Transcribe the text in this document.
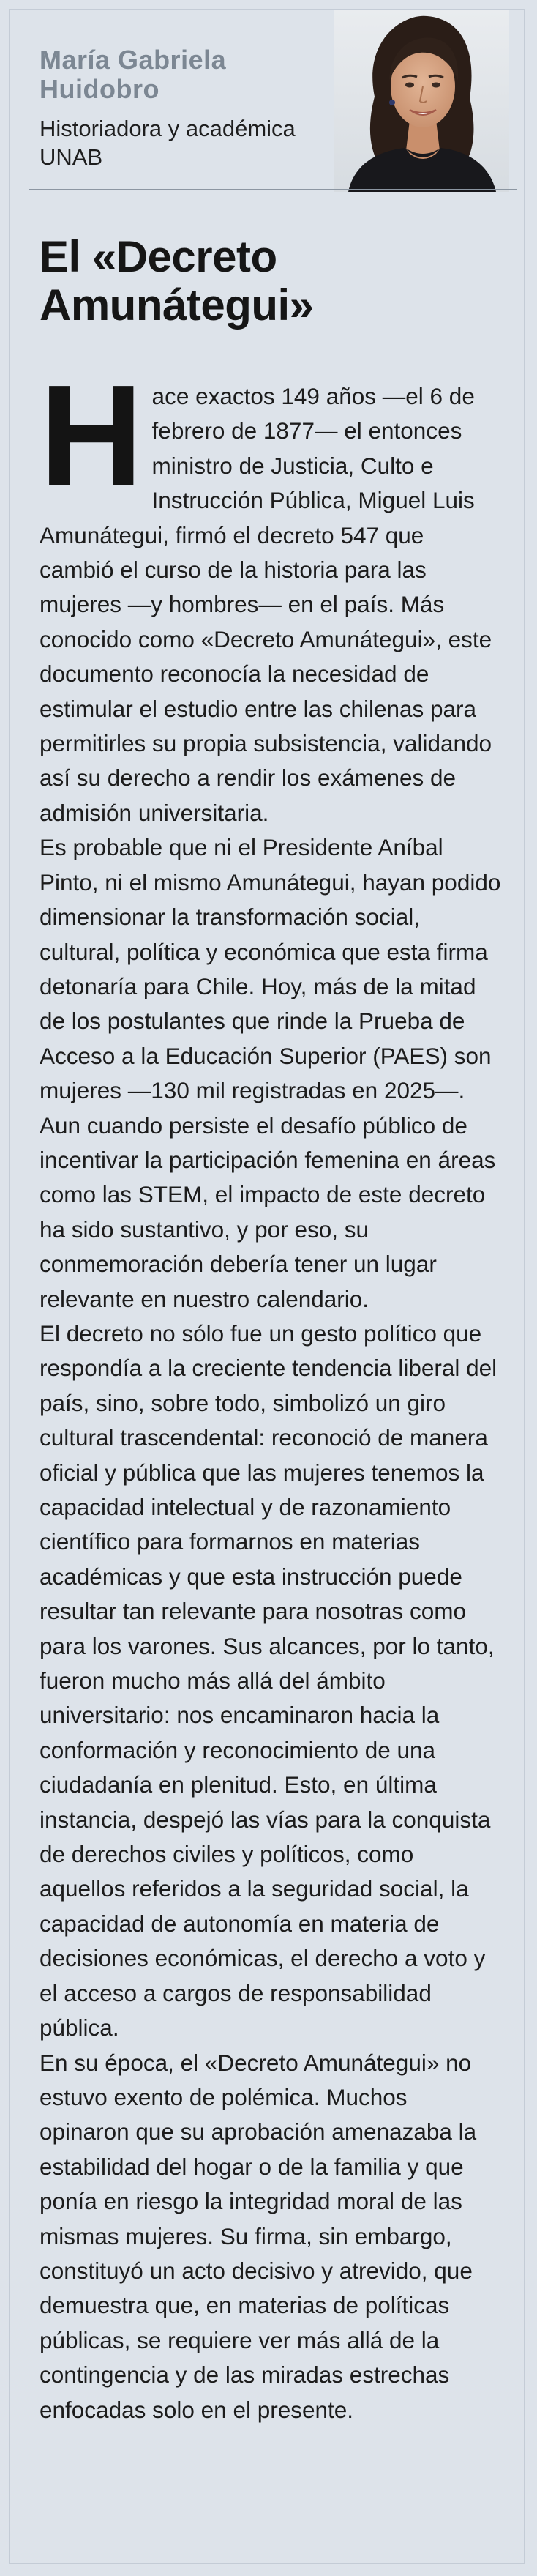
María Gabriela Huidobro
Historiadora y académica UNAB
El «Decreto Amunátegui»

Hace exactos 149 años —el 6 de febrero de 1877— el entonces ministro de Justicia, Culto e Instrucción Pública, Miguel Luis Amunátegui, firmó el decreto 547 que cambió el curso de la historia para las mujeres —y hombres— en el país. Más conocido como «Decreto Amunátegui», este documento reconocía la necesidad de estimular el estudio entre las chilenas para permitirles su propia subsistencia, validando así su derecho a rendir los exámenes de admisión universitaria.

Es probable que ni el Presidente Aníbal Pinto, ni el mismo Amunátegui, hayan podido dimensionar la transformación social, cultural, política y económica que esta firma detonaría para Chile. Hoy, más de la mitad de los postulantes que rinde la Prueba de Acceso a la Educación Superior (PAES) son mujeres —130 mil registradas en 2025—. Aun cuando persiste el desafío público de incentivar la participación femenina en áreas como las STEM, el impacto de este decreto ha sido sustantivo, y por eso, su conmemoración debería tener un lugar relevante en nuestro calendario.

El decreto no sólo fue un gesto político que respondía a la creciente tendencia liberal del país, sino, sobre todo, simbolizó un giro cultural trascendental: reconoció de manera oficial y pública que las mujeres tenemos la capacidad intelectual y de razonamiento científico para formarnos en materias académicas y que esta instrucción puede resultar tan relevante para nosotras como para los varones. Sus alcances, por lo tanto, fueron mucho más allá del ámbito universitario: nos encaminaron hacia la conformación y reconocimiento de una ciudadanía en plenitud. Esto, en última instancia, despejó las vías para la conquista de derechos civiles y políticos, como aquellos referidos a la seguridad social, la capacidad de autonomía en materia de decisiones económicas, el derecho a voto y el acceso a cargos de responsabilidad pública.

En su época, el «Decreto Amunátegui» no estuvo exento de polémica. Muchos opinaron que su aprobación amenazaba la estabilidad del hogar o de la familia y que ponía en riesgo la integridad moral de las mismas mujeres. Su firma, sin embargo, constituyó un acto decisivo y atrevido, que demuestra que, en materias de políticas públicas, se requiere ver más allá de la contingencia y de las miradas estrechas enfocadas solo en el presente.
